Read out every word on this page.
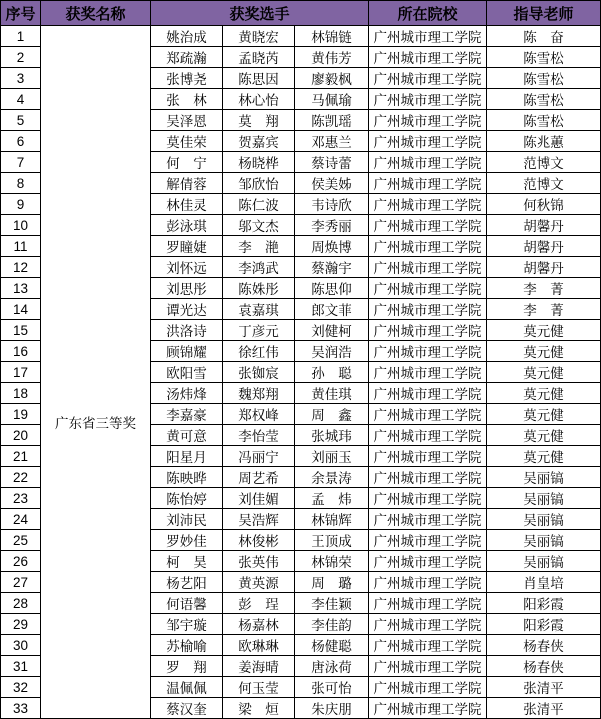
序号	获奖名称	获奖选手			所在院校	指导老师
1	广东省三等奖	姚治成	黄晓宏	林锦链	广州城市理工学院	陈　奋
2		郑疏瀚	孟晓芮	黄伟芳	广州城市理工学院	陈雪松
3		张博尧	陈思因	廖毅枫	广州城市理工学院	陈雪松
4		张　林	林心怡	马佩瑜	广州城市理工学院	陈雪松
5		吴泽恩	莫　翔	陈凯瑶	广州城市理工学院	陈雪松
6		莫佳荣	贺嘉宾	邓惠兰	广州城市理工学院	陈兆蕙
7		何　宁	杨晓桦	蔡诗蕾	广州城市理工学院	范博文
8		解倩蓉	邹欣怡	侯美姊	广州城市理工学院	范博文
9		林佳灵	陈仁波	韦诗欣	广州城市理工学院	何秋锦
10		彭泳琪	邬文杰	李秀丽	广州城市理工学院	胡馨丹
11		罗瞳婕	李　滟	周焕博	广州城市理工学院	胡馨丹
12		刘怀远	李鸿武	蔡瀚宇	广州城市理工学院	胡馨丹
13		刘思彤	陈姝彤	陈思仰	广州城市理工学院	李　菁
14		谭光达	袁嘉琪	郎文菲	广州城市理工学院	李　菁
15		洪洛诗	丁彦元	刘健柯	广州城市理工学院	莫元健
16		顾锦耀	徐红伟	吴润浩	广州城市理工学院	莫元健
17		欧阳雪	张铷宸	孙　聪	广州城市理工学院	莫元健
18		汤炜烽	魏郑翔	黄佳琪	广州城市理工学院	莫元健
19		李嘉豪	郑权峰	周　鑫	广州城市理工学院	莫元健
20		黄可意	李怡莹	张城玮	广州城市理工学院	莫元健
21		阳星月	冯丽宁	刘丽玉	广州城市理工学院	莫元健
22		陈映晔	周艺希	余景涛	广州城市理工学院	吴丽镐
23		陈怡婷	刘佳媚	孟　炜	广州城市理工学院	吴丽镐
24		刘沛民	吴浩辉	林锦辉	广州城市理工学院	吴丽镐
25		罗妙佳	林俊彬	王顶成	广州城市理工学院	吴丽镐
26		柯　昊	张英伟	林锦荣	广州城市理工学院	吴丽镐
27		杨艺阳	黄英源	周　璐	广州城市理工学院	肖皇培
28		何语馨	彭　珵	李佳颖	广州城市理工学院	阳彩霞
29		邹宇璇	杨嘉林	李佳韵	广州城市理工学院	阳彩霞
30		苏榆喻	欧琳琳	杨健聪	广州城市理工学院	杨春侠
31		罗　翔	姜海晴	唐泳荷	广州城市理工学院	杨春侠
32		温佩佩	何玉莹	张可怡	广州城市理工学院	张清平
33		蔡汉奎	梁　烜	朱庆朋	广州城市理工学院	张清平
